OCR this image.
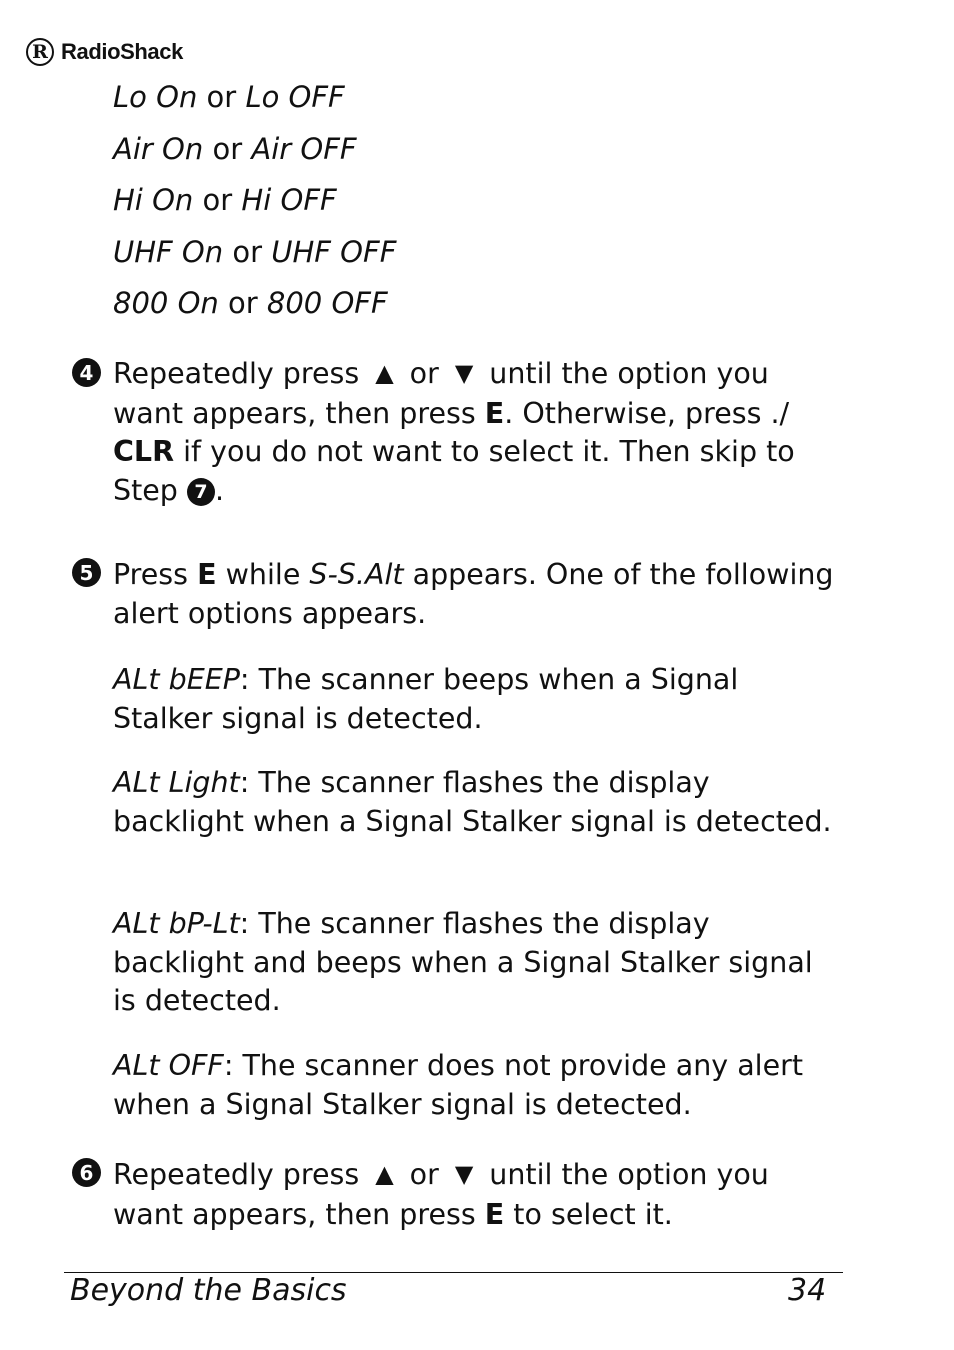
R RadioShack
Lo On or Lo OFF
Air On or Air OFF
Hi On or Hi OFF
UHF On or UHF OFF
800 On or 800 OFF
4 Repeatedly press ▲ or ▼ until the option you
want appears, then press E. Otherwise, press ./
CLR if you do not want to select it. Then skip to Step 7 .
5 Press E while S-S.Alt appears. One of the following alert options appears.
ALt bEEP: The scanner beeps when a Signal Stalker signal is detected.
ALt Light: The scanner flashes the display backlight when a Signal Stalker signal is detected.
ALt bP-Lt: The scanner flashes the display backlight and beeps when a Signal Stalker signal is detected.
ALt OFF: The scanner does not provide any alert when a Signal Stalker signal is detected.
6 Repeatedly press ▲ or ▼ until the option you
want appears, then press E to select it.
Beyond the Basics	34
